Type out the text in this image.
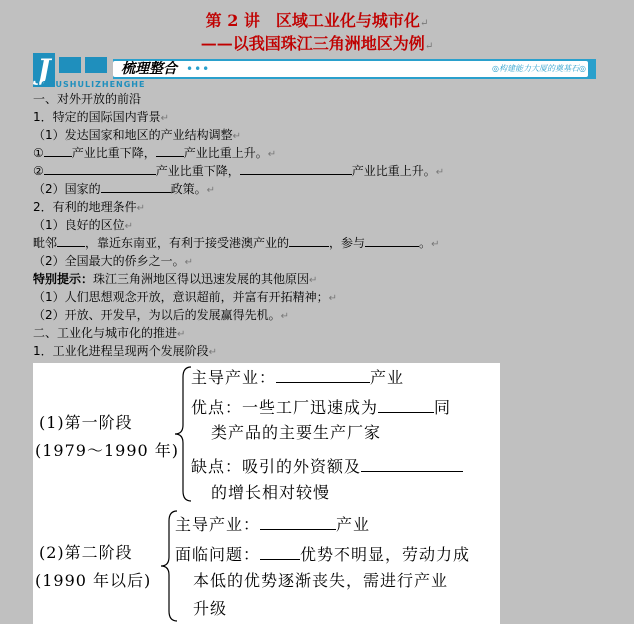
第 2 讲　区域工业化与城市化↵
——以我国珠江三角洲地区为例↵
J	梳理整合 •••	◎构建能力大厦的奠基石◎
ICHUSHULIZHENGHE
一、对外开放的前沿
1．特定的国际国内背景↵
（1）发达国家和地区的产业结构调整↵
① 产业比重下降， 产业比重上升。↵
②	产业比重下降，	产业比重上升。↵
（2）国家的	政策。↵
2．有利的地理条件↵
（1）良好的区位↵
毗邻 ，靠近东南亚，有利于接受港澳产业的	，参与	。↵
（2）全国最大的侨乡之一。↵
特别提示：珠江三角洲地区得以迅速发展的其他原因↵
（1）人们思想观念开放，意识超前，并富有开拓精神；↵
（2）开放、开发早，为以后的发展赢得先机。↵
二、工业化与城市化的推进↵
1．工业化进程呈现两个发展阶段↵
(1)第一阶段
(1979～1990 年)
主导产业：	产业
优点：一些工厂迅速成为	同
类产品的主要生产厂家
缺点：吸引的外资额及
的增长相对较慢
(2)第二阶段
(1990 年以后)
主导产业：	产业
面临问题：	优势不明显，劳动力成
本低的优势逐渐丧失，需进行产业
升级
